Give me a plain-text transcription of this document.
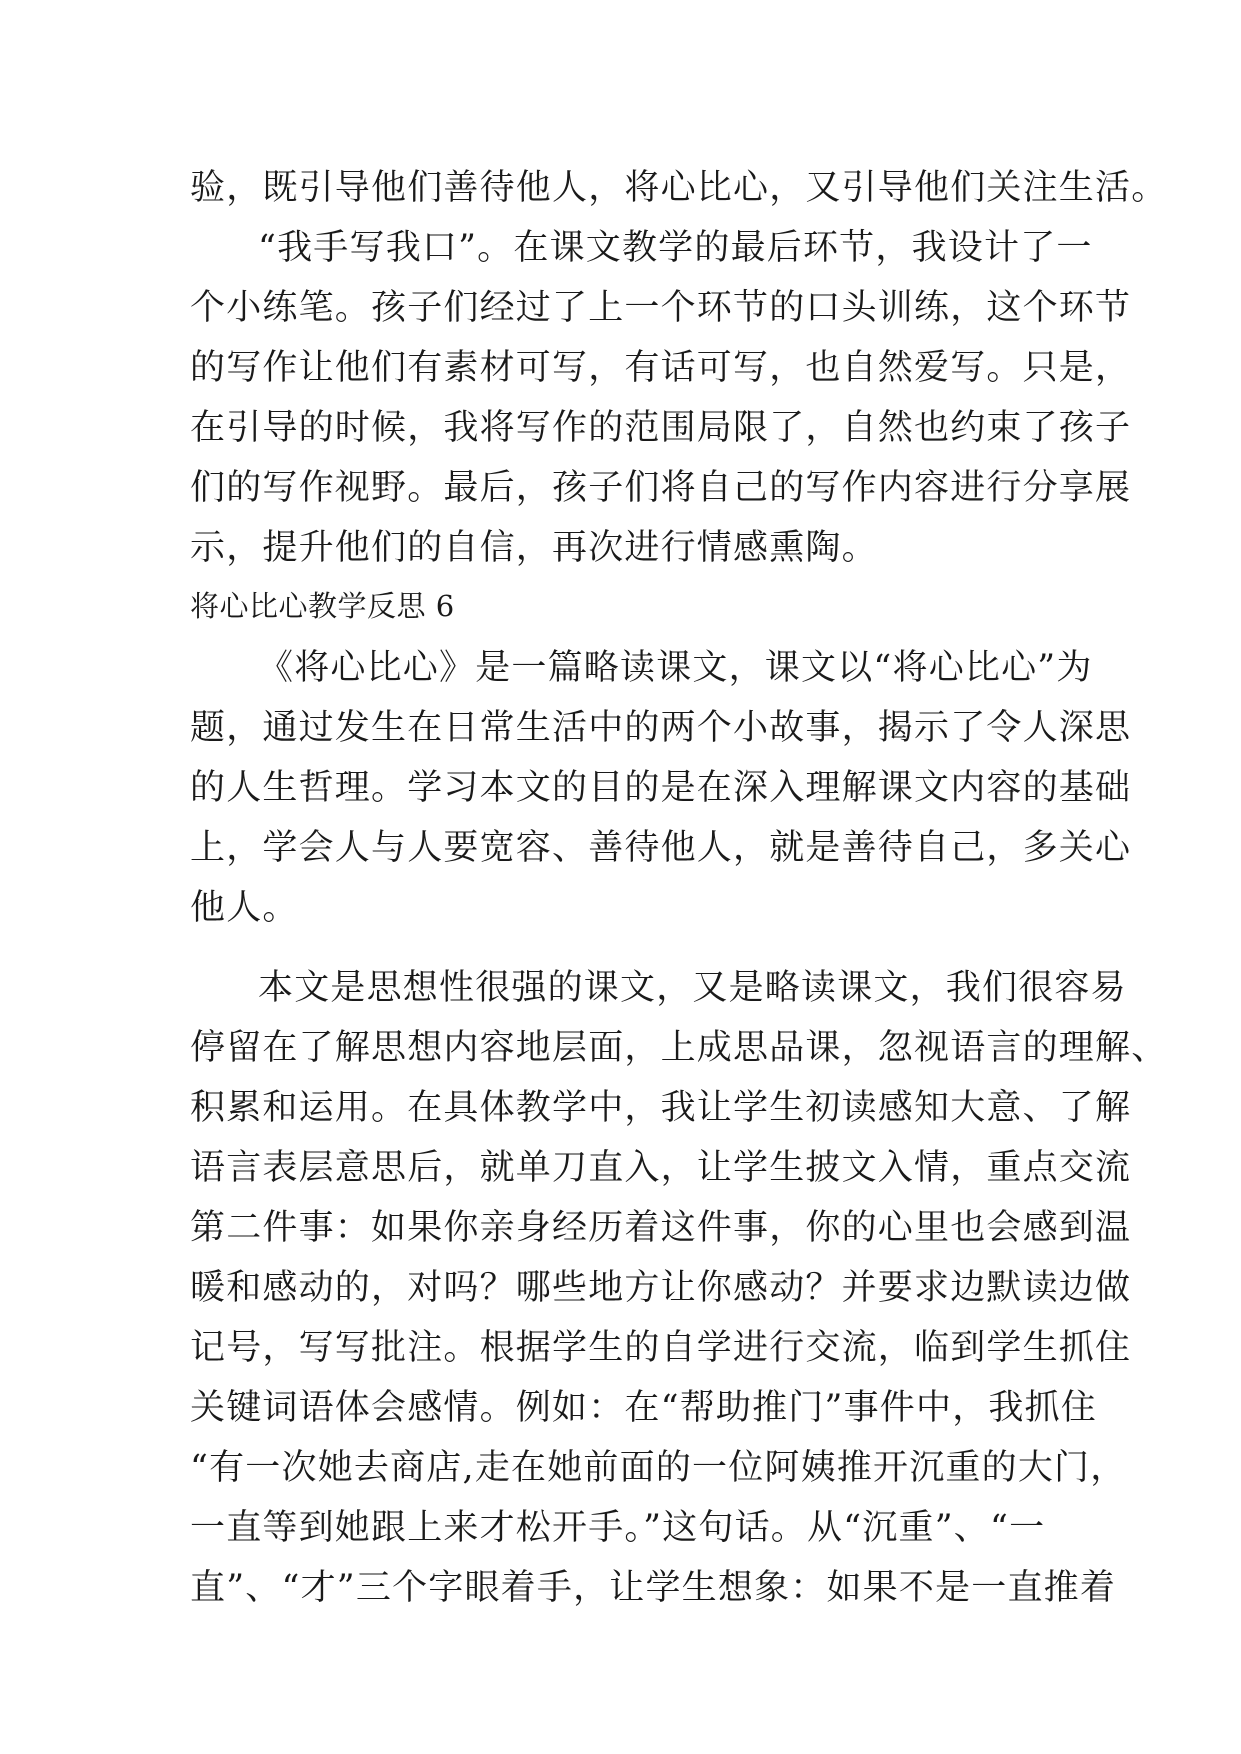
验，既引导他们善待他人，将心比心，又引导他们关注生活。
“我手写我口”。在课文教学的最后环节，我设计了一
个小练笔。孩子们经过了上一个环节的口头训练，这个环节
的写作让他们有素材可写，有话可写，也自然爱写。只是，
在引导的时候，我将写作的范围局限了，自然也约束了孩子
们的写作视野。最后，孩子们将自己的写作内容进行分享展
示，提升他们的自信，再次进行情感熏陶。
将心比心教学反思 6
《将心比心》是一篇略读课文，课文以“将心比心”为
题，通过发生在日常生活中的两个小故事，揭示了令人深思
的人生哲理。学习本文的目的是在深入理解课文内容的基础
上，学会人与人要宽容、善待他人，就是善待自己，多关心
他人。
本文是思想性很强的课文，又是略读课文，我们很容易
停留在了解思想内容地层面，上成思品课，忽视语言的理解、
积累和运用。在具体教学中，我让学生初读感知大意、了解
语言表层意思后，就单刀直入，让学生披文入情，重点交流
第二件事：如果你亲身经历着这件事，你的心里也会感到温
暖和感动的，对吗？哪些地方让你感动？并要求边默读边做
记号，写写批注。根据学生的自学进行交流，临到学生抓住
关键词语体会感情。例如：在“帮助推门”事件中，我抓住
“有一次她去商店,走在她前面的一位阿姨推开沉重的大门，
一直等到她跟上来才松开手。”这句话。从“沉重”、“一
直”、“才”三个字眼着手，让学生想象：如果不是一直推着
